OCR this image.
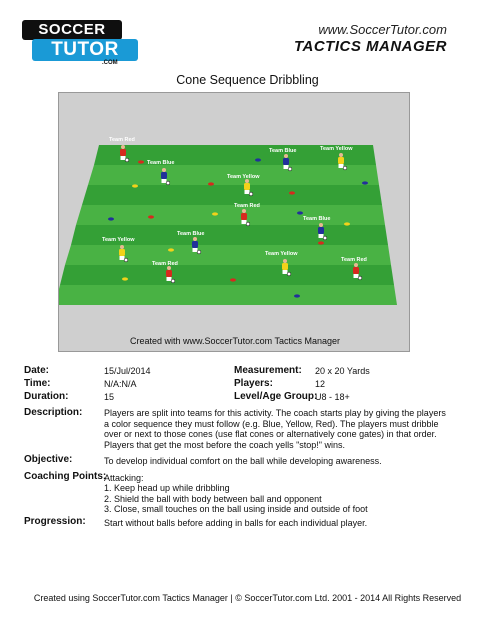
SOCCER
TUTOR
.COM
www.SoccerTutor.com
TACTICS MANAGER
Cone Sequence Dribbling
Team Red
Team Blue
Team Blue	Team Yellow
Team Yellow
Team Red
Team Blue
Team Yellow
Team Blue
Team Yellow
Team Red
Team Red
Created with www.SoccerTutor.com Tactics Manager
Date:	15/Jul/2014	Measurement: 20 x 20 Yards
Time:	N/A:N/A	Players:	12
Duration:	15	Level/Age Group:
U8 - 18+
Description: Players are split into teams for this activity. The coach starts play by giving the players a color sequence they must follow (e.g. Blue, Yellow, Red). The players must dribble over or next to those cones (use flat cones or alternatively cone gates) in that order. Players that get the most before the coach yells "stop!" wins.
Objective:	To develop individual comfort on the ball while developing awareness.
Coaching Points:
Attacking:
1. Keep head up while dribbling
2. Shield the ball with body between ball and opponent
3. Close, small touches on the ball using inside and outside of foot
Progression: Start without balls before adding in balls for each individual player.
Created using SoccerTutor.com Tactics Manager | © SoccerTutor.com Ltd. 2001 - 2014 All Rights Reserved
